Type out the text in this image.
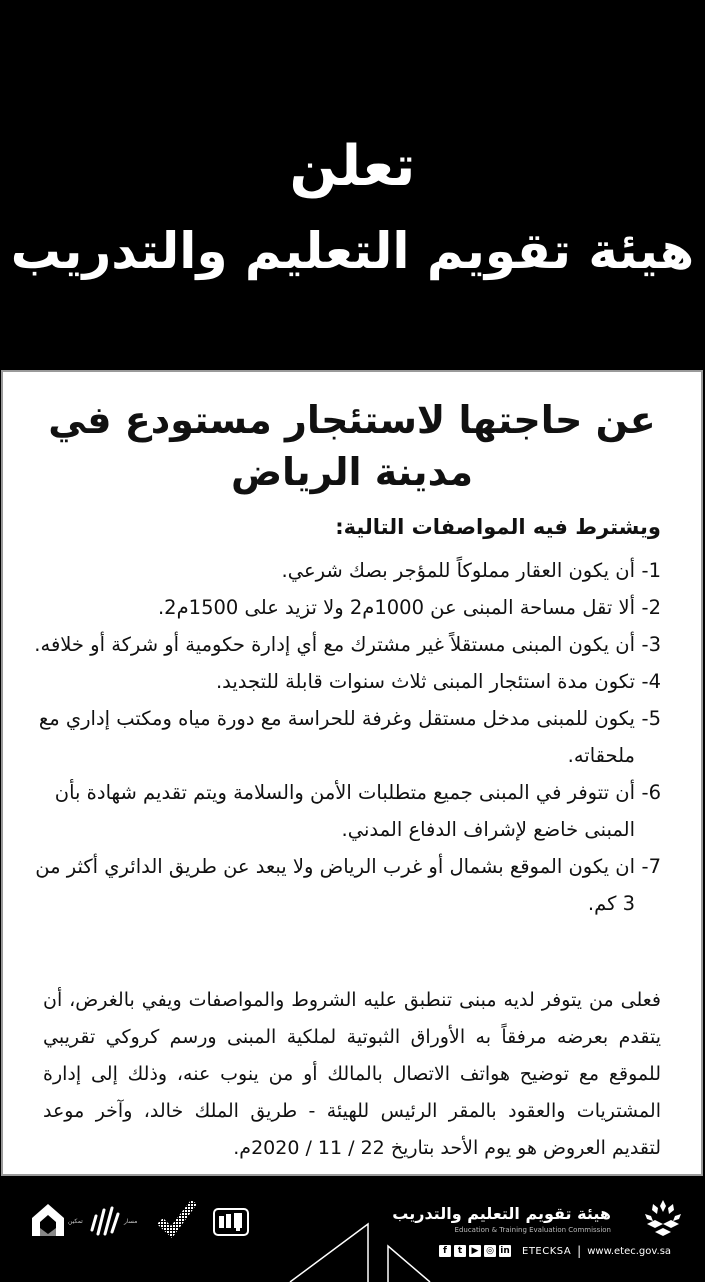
تعلن
هيئة تقويم التعليم والتدريب
عن حاجتها لاستئجار مستودع في
مدينة الرياض
ويشترط فيه المواصفات التالية:
1-أن يكون العقار مملوكاً للمؤجر بصك شرعي.
2-ألا تقل مساحة المبنى عن 1000م2 ولا تزيد على 1500م2.
3-أن يكون المبنى مستقلاً غير مشترك مع أي إدارة حكومية أو شركة أو خلافه.
4-تكون مدة استئجار المبنى ثلاث سنوات قابلة للتجديد.
5-يكون للمبنى مدخل مستقل وغرفة للحراسة مع دورة مياه ومكتب إداري مع ملحقاته.
6-أن تتوفر في المبنى جميع متطلبات الأمن والسلامة ويتم تقديم شهادة بأن المبنى خاضع لإشراف الدفاع المدني.
7-ان يكون الموقع بشمال أو غرب الرياض ولا يبعد عن طريق الدائري أكثر من 3 كم.

فعلى من يتوفر لديه مبنى تنطبق عليه الشروط والمواصفات ويفي بالغرض، أن يتقدم بعرضه مرفقاً به الأوراق الثبوتية لملكية المبنى ورسم كروكي تقريبي للموقع مع توضيح هواتف الاتصال بالمالك أو من ينوب عنه، وذلك إلى إدارة المشتريات والعقود بالمقر الرئيس للهيئة - طريق الملك خالد، وآخر موعد لتقديم العروض هو يوم الأحد بتاريخ 22 / 11 / 2020م.

تمكين	مسار	هيئة تقويم التعليم والتدريب
Education & Training Evaluation Commission
f	t	▶ ◎ in ETECKSA | www.etec.gov.sa
